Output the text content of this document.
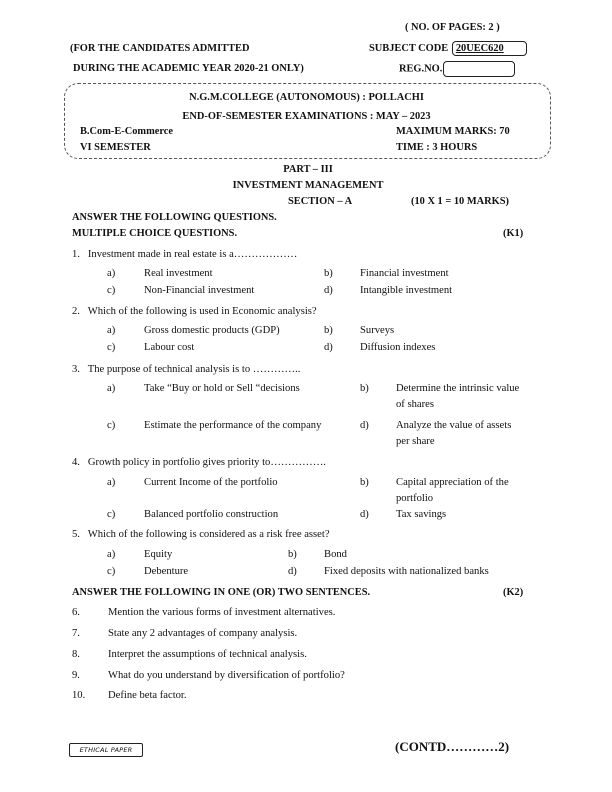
( NO. OF PAGES: 2 )
(FOR THE CANDIDATES ADMITTED
DURING THE ACADEMIC YEAR 2020-21 ONLY)
SUBJECT CODE 20UEC620
REG.NO.
N.G.M.COLLEGE (AUTONOMOUS) : POLLACHI
END-OF-SEMESTER EXAMINATIONS : MAY – 2023
B.Com-E-Commerce	MAXIMUM MARKS: 70
VI SEMESTER	TIME : 3 HOURS
PART – III
INVESTMENT MANAGEMENT
SECTION – A	(10 X 1 = 10 MARKS)
ANSWER THE FOLLOWING QUESTIONS.
MULTIPLE CHOICE QUESTIONS.	(K1)
1. Investment made in real estate is a………………
a)	Real investment	b)	Financial investment
c)	Non-Financial investment	d)	Intangible investment
2. Which of the following is used in Economic analysis?
a)	Gross domestic products (GDP)	b)	Surveys
c)	Labour cost	d)	Diffusion indexes
3. The purpose of technical analysis is to …………..
a)	Take “Buy or hold or Sell “decisions	b)	Determine the intrinsic value
of shares
c)	Estimate the performance of the company	d)	Analyze the value of assets
per share
4. Growth policy in portfolio gives priority to…………….
a)	Current Income of the portfolio	b)	Capital appreciation of the
portfolio
c)	Balanced portfolio construction	d)	Tax savings
5. Which of the following is considered as a risk free asset?
a)	Equity	b)	Bond
c)	Debenture	d)	Fixed deposits with nationalized banks
ANSWER THE FOLLOWING IN ONE (OR) TWO SENTENCES.	(K2)
6.	Mention the various forms of investment alternatives.
7.	State any 2 advantages of company analysis.
8.	Interpret the assumptions of technical analysis.
9.	What do you understand by diversification of portfolio?
10. Define beta factor.
ETHICAL PAPER	(CONTD…………2)
